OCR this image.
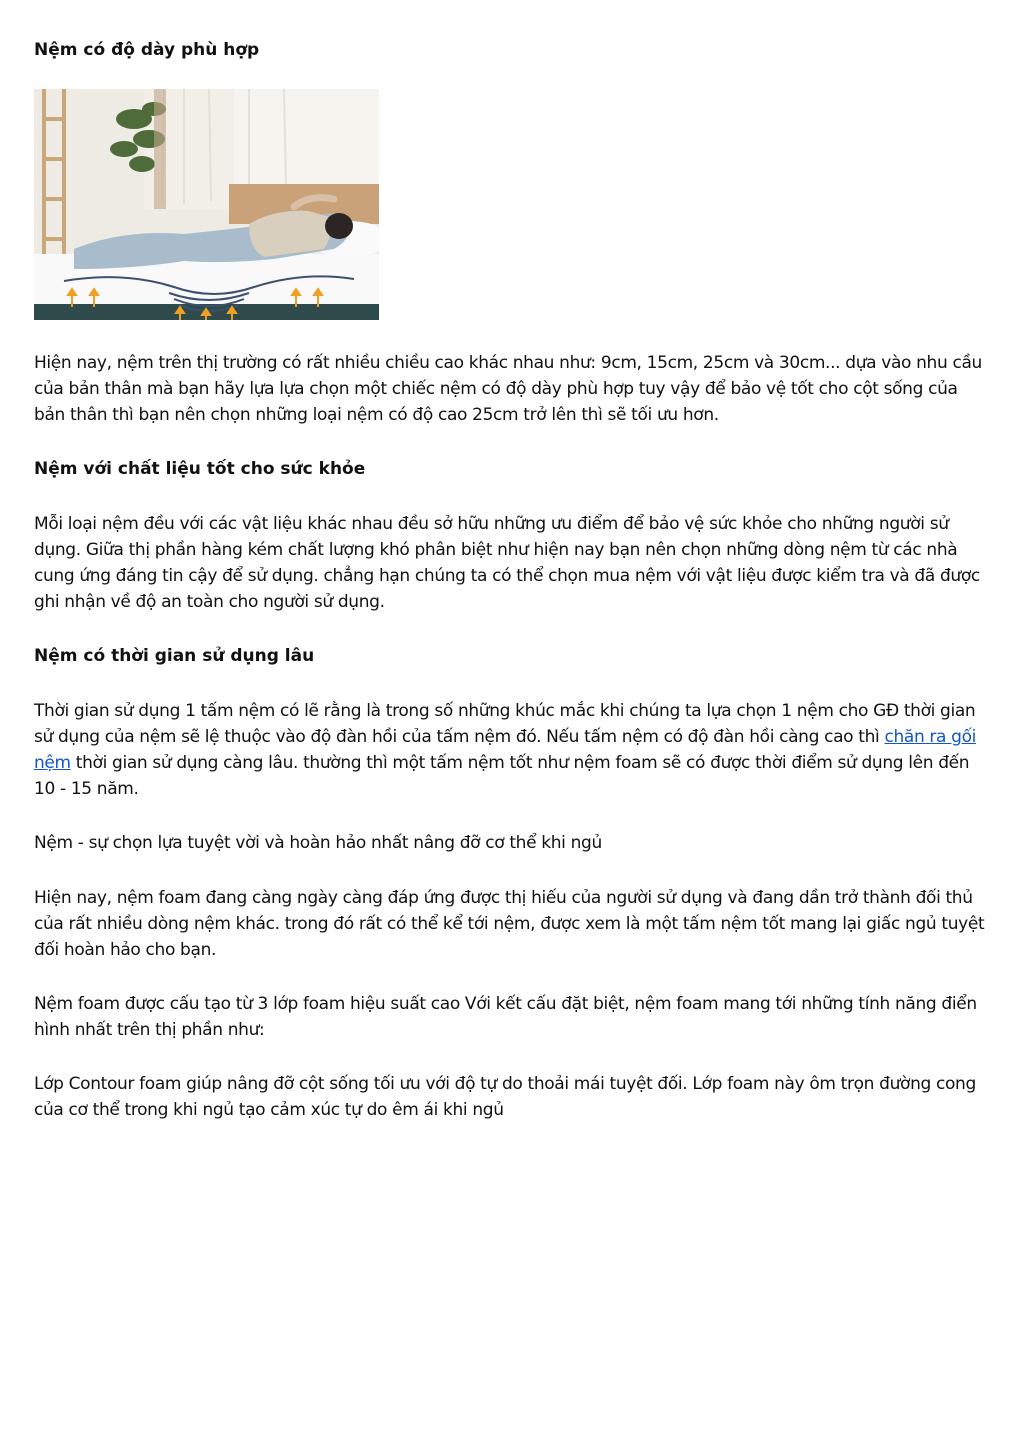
Nệm có độ dày phù hợp

Hiện nay, nệm trên thị trường có rất nhiều chiều cao khác nhau như: 9cm, 15cm, 25cm và 30cm... dựa vào nhu cầu của bản thân mà bạn hãy lựa lựa chọn một chiếc nệm có độ dày phù hợp tuy vậy để bảo vệ tốt cho cột sống của bản thân thì bạn nên chọn những loại nệm có độ cao 25cm trở lên thì sẽ tối ưu hơn.

Nệm với chất liệu tốt cho sức khỏe

Mỗi loại nệm đều với các vật liệu khác nhau đều sở hữu những ưu điểm để bảo vệ sức khỏe cho những người sử dụng. Giữa thị phần hàng kém chất lượng khó phân biệt như hiện nay bạn nên chọn những dòng nệm từ các nhà cung ứng đáng tin cậy để sử dụng. chẳng hạn chúng ta có thể chọn mua nệm với vật liệu được kiểm tra và đã được ghi nhận về độ an toàn cho người sử dụng.

Nệm có thời gian sử dụng lâu

Thời gian sử dụng 1 tấm nệm có lẽ rằng là trong số những khúc mắc khi chúng ta lựa chọn 1 nệm cho GĐ thời gian sử dụng của nệm sẽ lệ thuộc vào độ đàn hồi của tấm nệm đó. Nếu tấm nệm có độ đàn hồi càng cao thì chăn ra gối nệm thời gian sử dụng càng lâu. thường thì một tấm nệm tốt như nệm foam sẽ có được thời điểm sử dụng lên đến 10 - 15 năm.

Nệm - sự chọn lựa tuyệt vời và hoàn hảo nhất nâng đỡ cơ thể khi ngủ

Hiện nay, nệm foam đang càng ngày càng đáp ứng được thị hiếu của người sử dụng và đang dần trở thành đối thủ của rất nhiều dòng nệm khác. trong đó rất có thể kể tới nệm, được xem là một tấm nệm tốt mang lại giấc ngủ tuyệt đối hoàn hảo cho bạn.

Nệm foam được cấu tạo từ 3 lớp foam hiệu suất cao Với kết cấu đặt biệt, nệm foam mang tới những tính năng điển hình nhất trên thị phần như:

Lớp Contour foam giúp nâng đỡ cột sống tối ưu với độ tự do thoải mái tuyệt đối. Lớp foam này ôm trọn đường cong của cơ thể trong khi ngủ tạo cảm xúc tự do êm ái khi ngủ
